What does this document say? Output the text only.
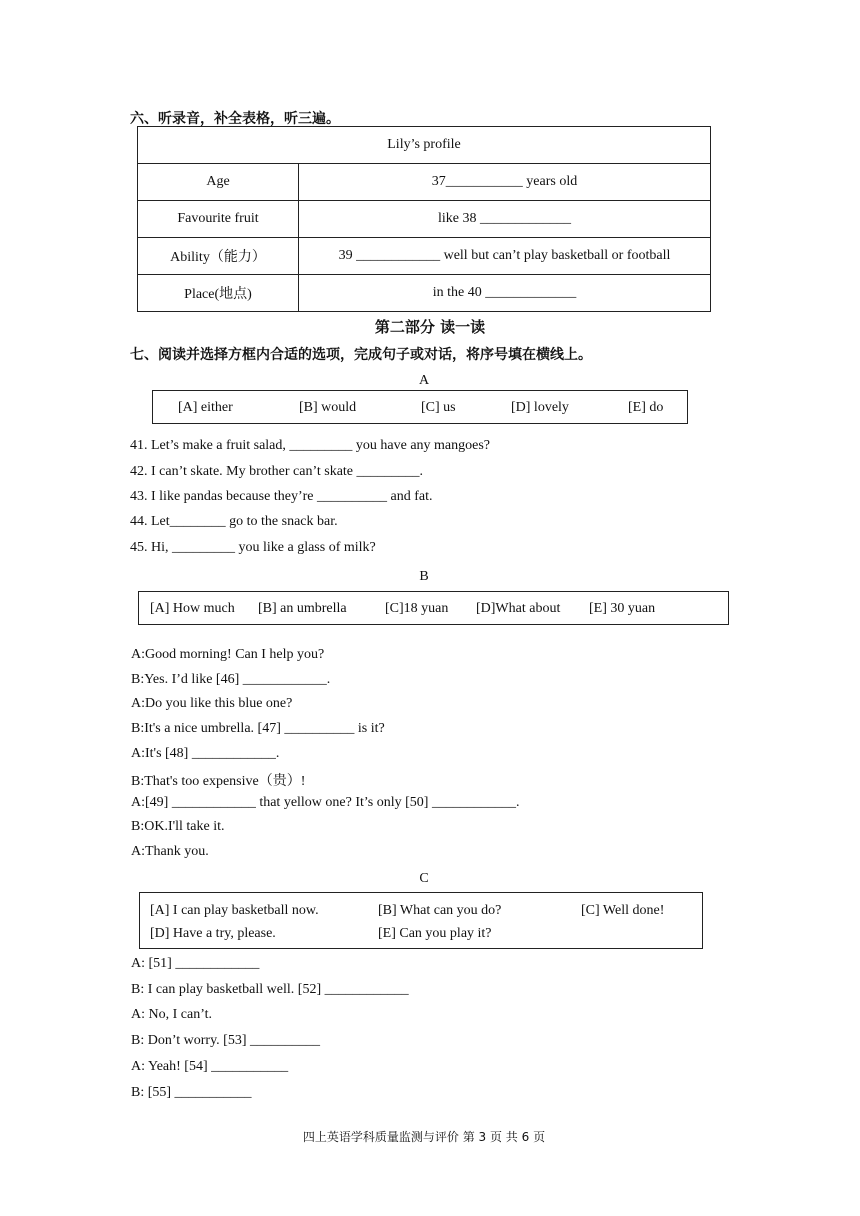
六、听录音，补全表格，听三遍。
Lily’s profile	
Age	37___________ years old
Favourite fruit	like 38 _____________
Ability（能力）	39 ____________ well but can’t play basketball or football
Place(地点)	in the 40 _____________
第二部分 读一读
七、阅读并选择方框内合适的选项，完成句子或对话，将序号填在横线上。
A
[A] either	[B] would	[C] us	[D] lovely	[E] do
41. Let’s make a fruit salad, _________ you have any mangoes?
42. I can’t skate. My brother can’t skate _________.
43. I like pandas because they’re __________ and fat.
44. Let________ go to the snack bar.
45. Hi, _________ you like a glass of milk?
B
[A] How much [B] an umbrella	[C]18 yuan [D]What about [E] 30 yuan
A:Good morning! Can I help you?
B:Yes. I’d like [46] ____________.
A:Do you like this blue one?
B:It's a nice umbrella. [47] __________ is it?
A:It's [48] ____________.
B:That's too expensive（贵）!
A:[49] ____________ that yellow one? It’s only [50] ____________.
B:OK.I'll take it.
A:Thank you.
C
[A] I can play basketball now.	[B] What can you do?	[C] Well done!
[D] Have a try, please.	[E] Can you play it?
A: [51] ____________
B: I can play basketball well. [52] ____________
A: No, I can’t.
B: Don’t worry. [53] __________
A: Yeah! [54] ___________
B: [55] ___________
四上英语学科质量监测与评价 第 3 页 共 6 页
